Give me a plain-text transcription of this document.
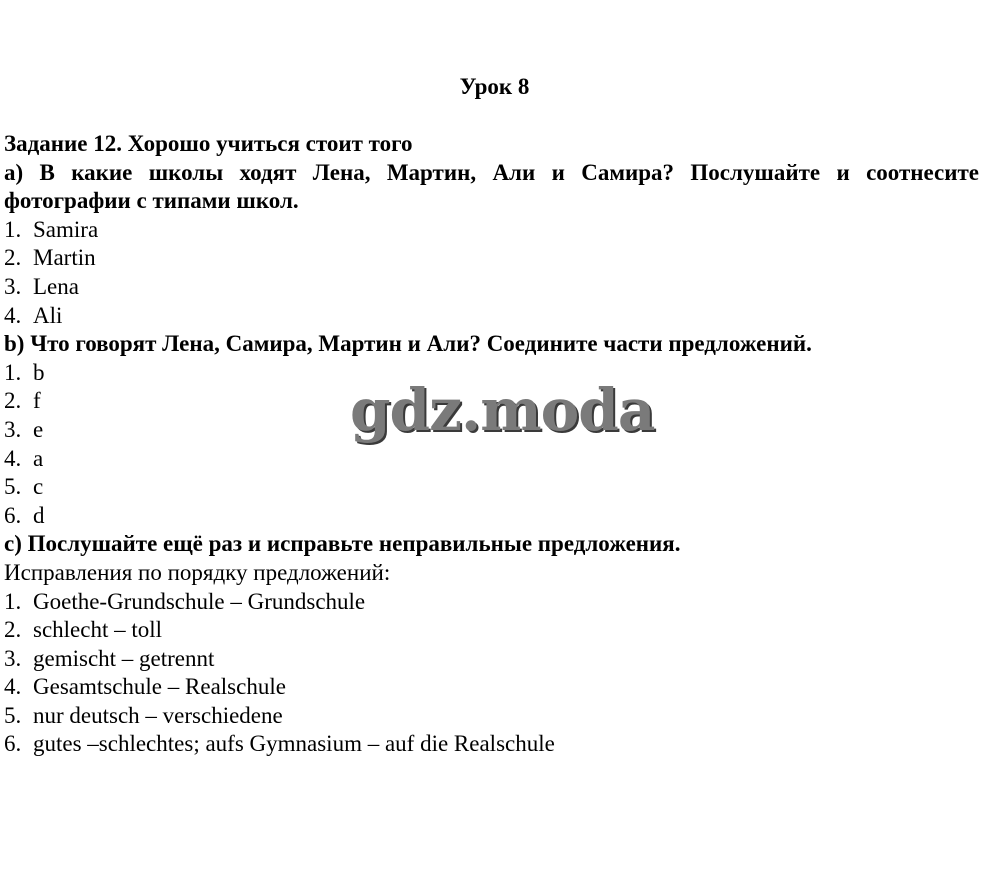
Урок 8
Задание 12. Хорошо учиться стоит того
а) В какие школы ходят Лена, Мартин, Али и Самира? Послушайте и соотнесите фотографии с типами школ.
1. Samira
2. Martin
3. Lena
4. Ali
b) Что говорят Лена, Самира, Мартин и Али? Соедините части предложений.
1. b
2. f
3. e
4. a
5. c
6. d
c) Послушайте ещё раз и исправьте неправильные предложения.
Исправления по порядку предложений:
1. Goethe-Grundschule – Grundschule
2. schlecht – toll
3. gemischt – getrennt
4. Gesamtschule – Realschule
5. nur deutsch – verschiedene
6. gutes –schlechtes; aufs Gymnasium – auf die Realschule
gdz.moda
